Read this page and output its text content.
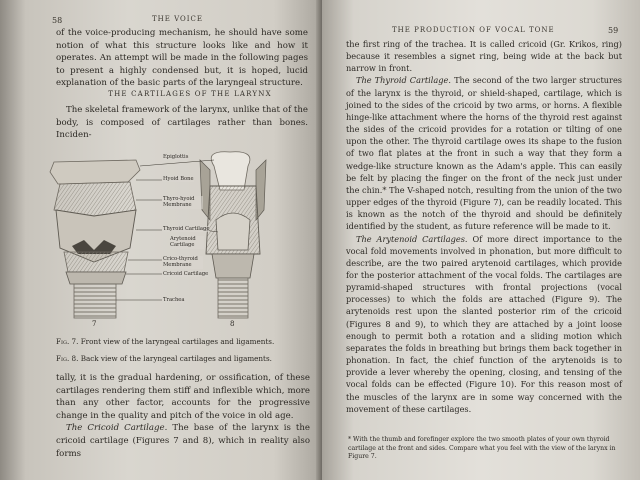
58	THE VOICE

of the voice-producing mechanism, he should have some notion of what this structure looks like and how it operates. An attempt will be made in the following pages to present a highly condensed but, it is hoped, lucid explanation of the basic parts of the laryngeal structure.

THE CARTILAGES OF THE LARYNX

The skeletal framework of the larynx, unlike that of the body, is composed of cartilages rather than bones. Inciden-

Epiglottis
Hyoid Bone
Thyro-hyoid Membrane
Thyroid Cartilage
Arytenoid Cartilage
Crico-thyroid Membrane
Cricoid Cartilage
Trachea
7	8
Fig. 7. Front view of the laryngeal cartilages and ligaments.
Fig. 8. Back view of the laryngeal cartilages and ligaments.

tally, it is the gradual hardening, or ossification, of these cartilages rendering them stiff and inflexible which, more than any other factor, accounts for the progressive change in the quality and pitch of the voice in old age.

The Cricoid Cartilage. The base of the larynx is the cricoid cartilage (Figures 7 and 8), which in reality also forms

THE PRODUCTION OF VOCAL TONE	59

the first ring of the trachea. It is called cricoid (Gr. Krikos, ring) because it resembles a signet ring, being wide at the back but narrow in front.

The Thyroid Cartilage. The second of the two larger structures of the larynx is the thyroid, or shield-shaped, cartilage, which is joined to the sides of the cricoid by two arms, or horns. A flexible hinge-like attachment where the horns of the thyroid rest against the sides of the cricoid provides for a rotation or tilting of one upon the other. The thyroid cartilage owes its shape to the fusion of two flat plates at the front in such a way that they form a wedge-like structure known as the Adam's apple. This can easily be felt by placing the finger on the front of the neck just under the chin.* The V-shaped notch, resulting from the union of the two upper edges of the thyroid (Figure 7), can be readily located. This is known as the notch of the thyroid and should be definitely identified by the student, as future reference will be made to it.

The Arytenoid Cartilages. Of more direct importance to the vocal fold movements involved in phonation, but more difficult to describe, are the two paired arytenoid cartilages, which provide for the posterior attachment of the vocal folds. The cartilages are pyramid-shaped structures with frontal projections (vocal processes) to which the folds are attached (Figure 9). The arytenoids rest upon the slanted posterior rim of the cricoid (Figures 8 and 9), to which they are attached by a joint loose enough to permit both a rotation and a sliding motion which separates the folds in breathing but brings them back together in phonation. In fact, the chief function of the arytenoids is to provide a lever whereby the opening, closing, and tensing of the vocal folds can be effected (Figure 10). For this reason most of the muscles of the larynx are in some way concerned with the movement of these cartilages.

* With the thumb and forefinger explore the two smooth plates of your own thyroid cartilage at the front and sides. Compare what you feel with the view of the larynx in Figure 7.
